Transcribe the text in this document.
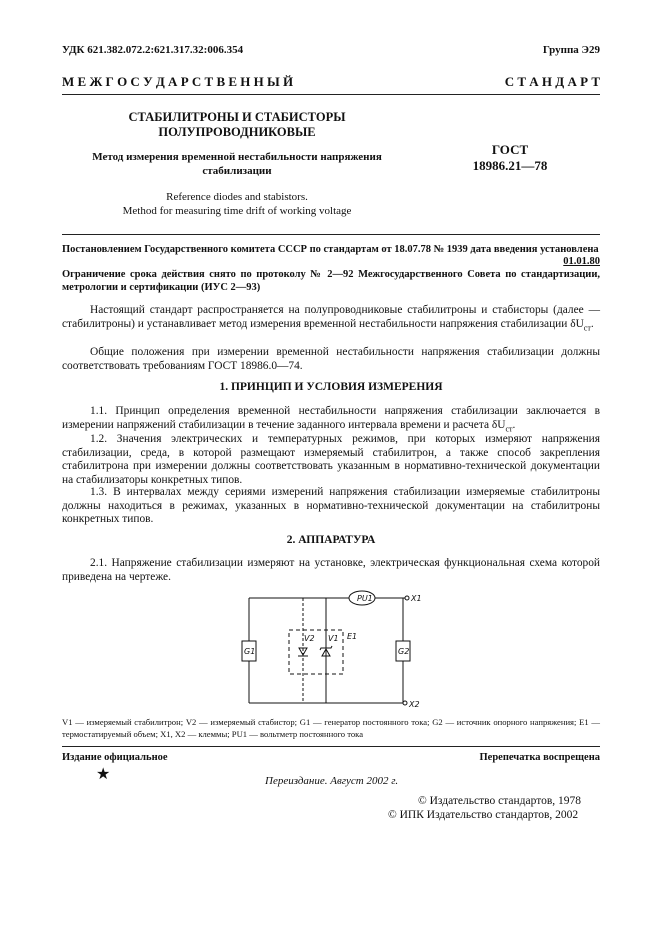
УДК 621.382.072.2:621.317.32:006.354	Группа Э29
М Е Ж Г О С У Д А Р С Т В Е Н Н Ы Й	С Т А Н Д А Р Т
СТАБИЛИТРОНЫ И СТАБИСТОРЫ
ПОЛУПРОВОДНИКОВЫЕ
Метод измерения временной нестабильности напряжения
стабилизации
Reference diodes and stabistors.
Method for measuring time drift of working voltage
ГОСТ
18986.21—78
Постановлением Государственного комитета СССР по стандартам от 18.07.78 № 1939 дата введения установлена
01.01.80
Ограничение срока действия снято по протоколу № 2—92 Межгосударственного Совета по стандартизации, метрологии и сертификации (ИУС 2—93)
Настоящий стандарт распространяется на полупроводниковые стабилитроны и стабисторы (далее — стабилитроны) и устанавливает метод измерения временной нестабильности напряжения стабилизации $\delta U_{ст}$.
Общие положения при измерении временной нестабильности напряжения стабилизации должны соответствовать требованиям ГОСТ 18986.0—74.
1. ПРИНЦИП И УСЛОВИЯ ИЗМЕРЕНИЯ
1.1. Принцип определения временной нестабильности напряжения стабилизации заключается в измерении напряжений стабилизации в течение заданного интервала времени и расчета $\delta U_{ст}$.
1.2. Значения электрических и температурных режимов, при которых измеряют напряжения стабилизации, среда, в которой размещают измеряемый стабилитрон, а также способ закрепления стабилитрона при измерении должны соответствовать указанным в нормативно-технической документации на стабилизаторы конкретных типов.
1.3. В интервалах между сериями измерений напряжения стабилизации измеряемые стабилитроны должны находиться в режимах, указанных в нормативно-технической документации на стабилитроны конкретных типов.
2. АППАРАТУРА
2.1. Напряжение стабилизации измеряют на установке, электрическая функциональная схема которой приведена на чертеже.
PU1	X1
X2
G1	G2
V2 V1 E1
V1 — измеряемый стабилитрон; V2 — измеряемый стабистор; G1 — генератор постоянного тока; G2 — источник опорного напряжения; E1 — термостатируемый объем; X1, X2 — клеммы; PU1 — вольтметр постоянного тока
Издание официальное	Перепечатка воспрещена
★	Переиздание. Август 2002 г.
© Издательство стандартов, 1978
© ИПК Издательство стандартов, 2002
